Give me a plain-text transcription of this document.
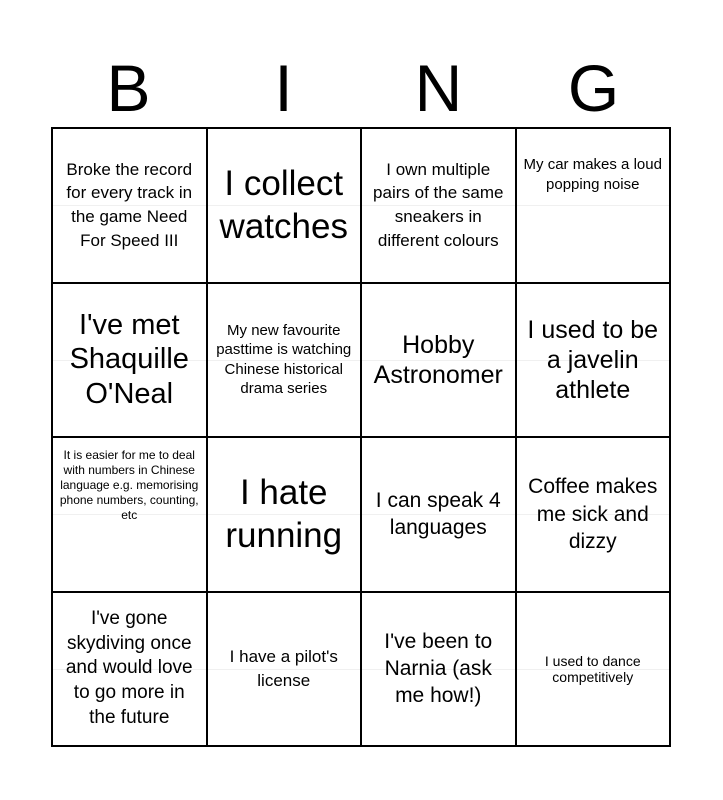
B	I	N	G
Broke the record for every track in the game Need For Speed III
I collect watches
I own multiple pairs of the same sneakers in different colours
My car makes a loud popping noise
I've met Shaquille O'Neal
My new favourite pasttime is watching Chinese historical drama series
Hobby Astronomer
I used to be a javelin athlete
It is easier for me to deal with numbers in Chinese language e.g. memorising phone numbers, counting, etc
I hate running
I can speak 4 languages
Coffee makes me sick and dizzy
I've gone skydiving once and would love to go more in the future
I have a pilot's license
I've been to Narnia (ask me how!)
I used to dance competitively
